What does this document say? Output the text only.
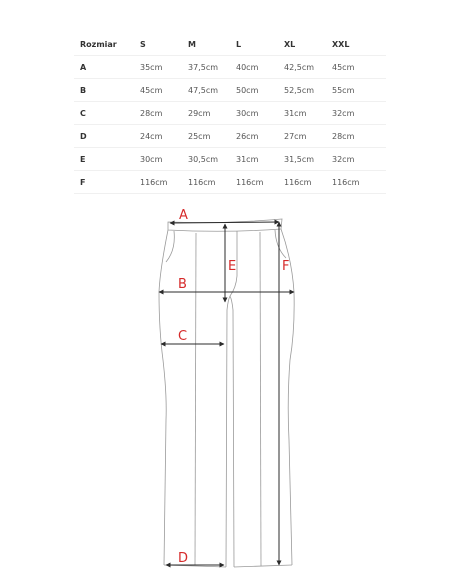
Rozmiar	S	M	L	XL	XXL
A	35cm	37,5cm	40cm	42,5cm	45cm
B	45cm	47,5cm	50cm	52,5cm	55cm
C	28cm	29cm	30cm	31cm	32cm
D	24cm	25cm	26cm	27cm	28cm
E	30cm	30,5cm	31cm	31,5cm	32cm
F	116cm	116cm	116cm	116cm	116cm
A
B
C
D
E	F
